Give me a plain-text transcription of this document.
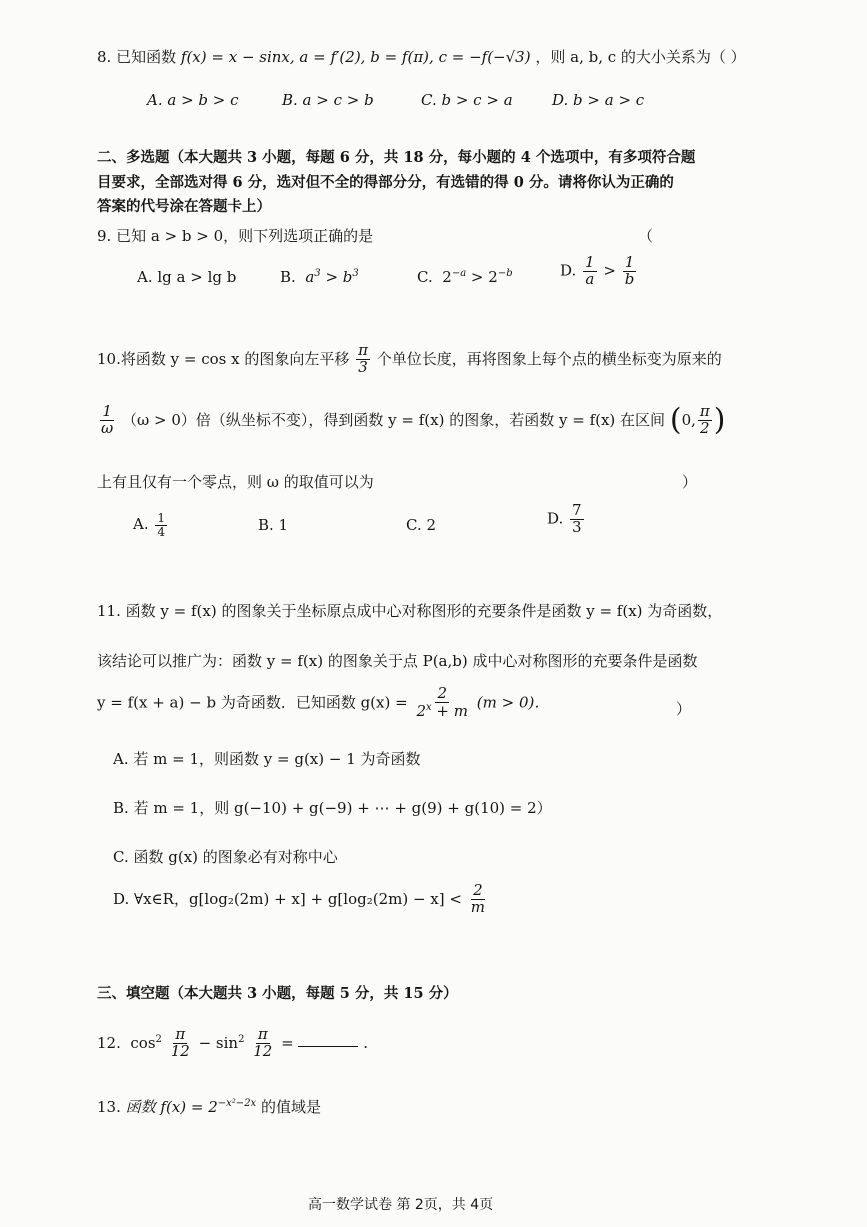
8. 已知函数 f(x) = x − sinx, a = f′(2), b = f(π), c = −f(−√3) ，则 a, b, c 的大小关系为（ ）
A. a > b > c	B. a > c > b	C. b > c > a	D. b > a > c
二、多选题（本大题共 3 小题，每题 6 分，共 18 分，每小题的 4 个选项中，有多项符合题
目要求，全部选对得 6 分，选对但不全的得部分分，有选错的得 0 分。请将你认为正确的
答案的代号涂在答题卡上）
9. 已知 a > b > 0，则下列选项正确的是	（
A. lg a > lg b	B.  $a^3 > b^3$	C.  $2^{-a} > 2^{-b}$	D. $\frac{1}{a} > \frac{1}{b}$
10.将函数 y = cos x 的图象向左平移 $\frac{\pi}{3}$ 个单位长度，再将图象上每个点的横坐标变为原来的
$\frac{1}{\omega} (\omega > 0)$倍（纵坐标不变），得到函数 y = f(x) 的图象，若函数 y = f(x) 在区间 (0, $\frac{\pi}{2}$ )
上有且仅有一个零点，则 ω 的取值可以为	）
A. $\frac{1}{4}$	B. 1	C. 2	D. $\frac{7}{3}$
11. 函数 y = f(x) 的图象关于坐标原点成中心对称图形的充要条件是函数 y = f(x) 为奇函数，
该结论可以推广为：函数 y = f(x) 的图象关于点 P(a,b) 成中心对称图形的充要条件是函数
y = f(x + a) − b 为奇函数．已知函数 $g(x) = \frac{2}{2^x + m} (m > 0)$．	）
A. 若 m = 1，则函数 y = g(x) − 1 为奇函数
B. 若 m = 1，则 g(−10) + g(−9) + ⋯ + g(9) + g(10) = 2）
C. 函数 g(x) 的图象必有对称中心
D. ∀x∈R，$g[\log_2(2m) + x] + g[\log_2(2m) - x] < \frac{2}{m}$
三、填空题（本大题共 3 小题，每题 5 分，共 15 分）
12.  $\cos^2 \frac{\pi}{12} - \sin^2 \frac{\pi}{12}$ =	.
13. 函数 $f(x) = 2^{-x^2-2x}$ 的值域是
高一数学试卷 第 2页，共 4页
